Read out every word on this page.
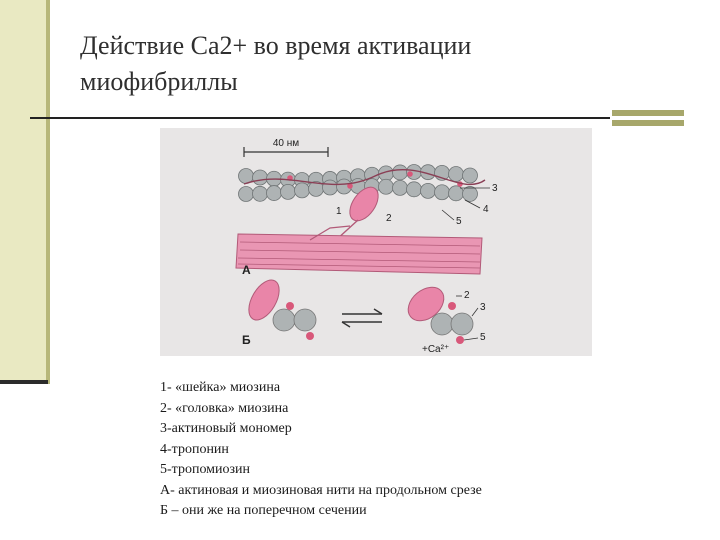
Действие Са2+ во время активации
миофибриллы
40 нм
1
2
3
4
5
А
2
3
5
Б
+Ca²⁺
1- «шейка» миозина
2- «головка» миозина
3-актиновый мономер
4-тропонин
5-тропомиозин
А- актиновая и миозиновая нити на продольном срезе
Б – они же на поперечном сечении
